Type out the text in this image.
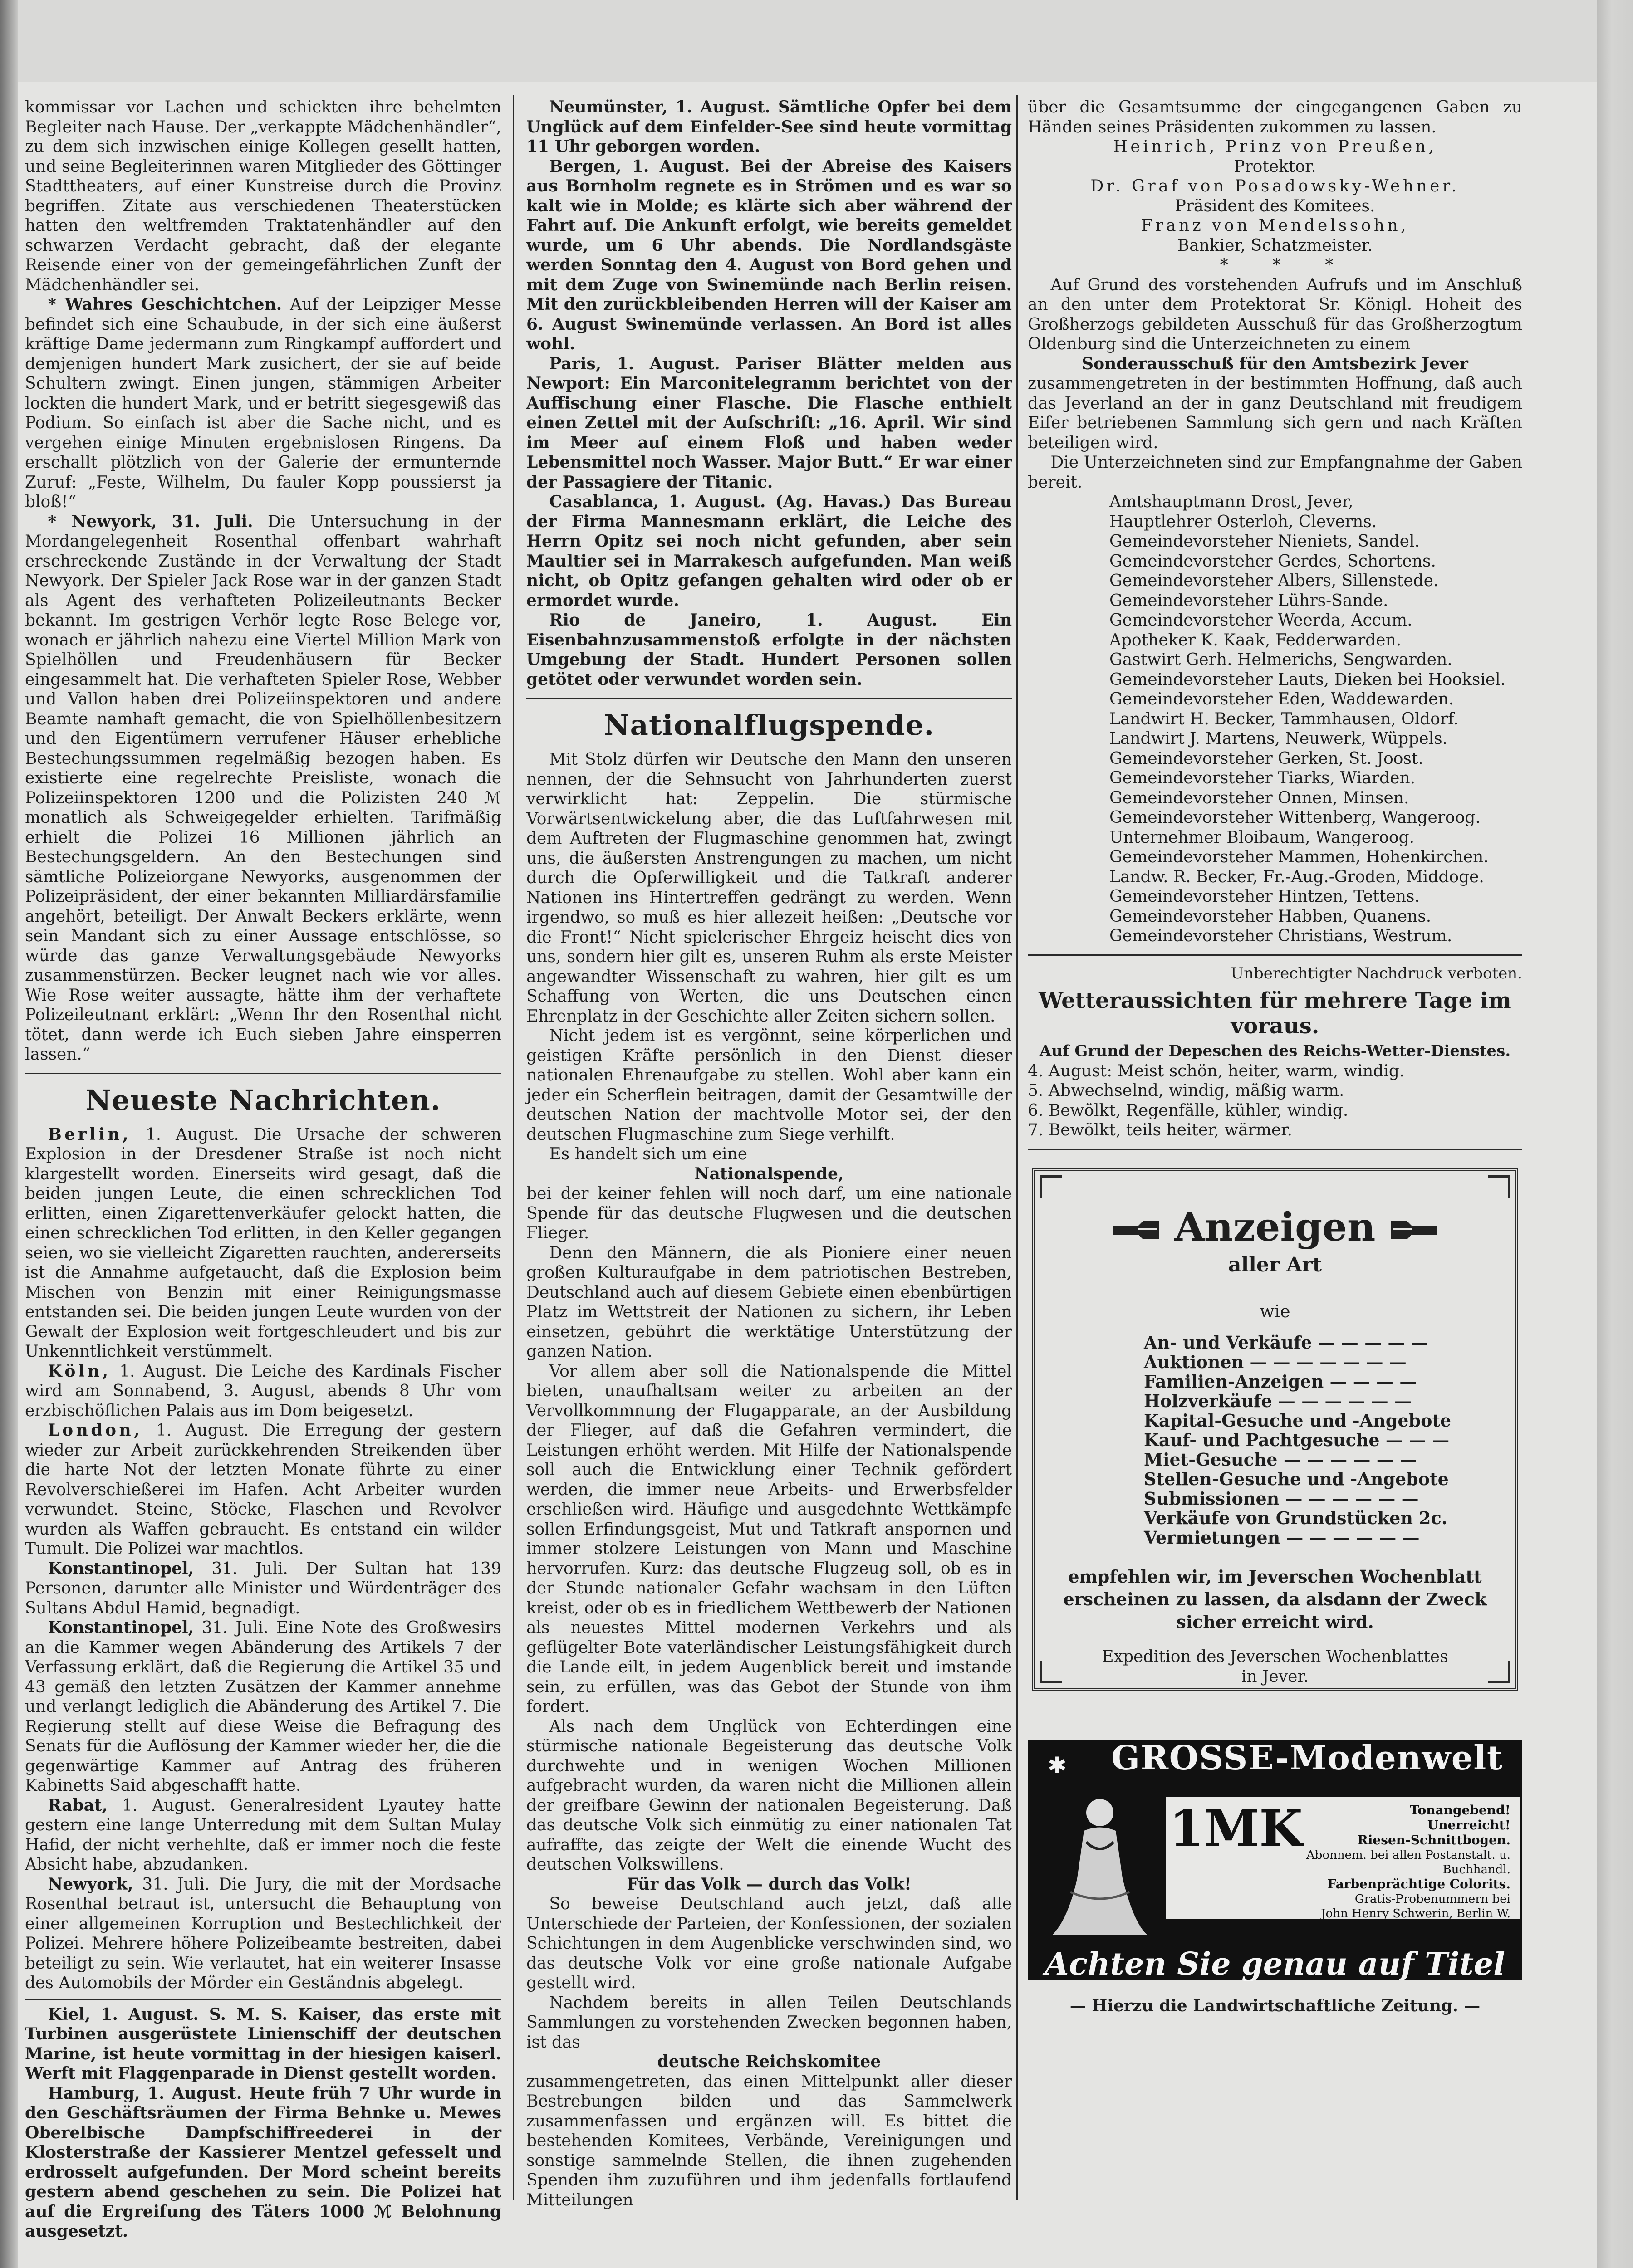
kommissar vor Lachen und schickten ihre behelmten Begleiter nach Hause. Der „verkappte Mädchenhändler“, zu dem sich inzwischen einige Kollegen gesellt hatten, und seine Begleiterinnen waren Mitglieder des Göttinger Stadttheaters, auf einer Kunstreise durch die Provinz begriffen. Zitate aus verschiedenen Theaterstücken hatten den weltfremden Traktatenhändler auf den schwarzen Verdacht gebracht, daß der elegante Reisende einer von der gemeingefährlichen Zunft der Mädchenhändler sei.

* Wahres Geschichtchen. Auf der Leipziger Messe befindet sich eine Schaubude, in der sich eine äußerst kräftige Dame jedermann zum Ringkampf auffordert und demjenigen hundert Mark zusichert, der sie auf beide Schultern zwingt. Einen jungen, stämmigen Arbeiter lockten die hundert Mark, und er betritt siegesgewiß das Podium. So einfach ist aber die Sache nicht, und es vergehen einige Minuten ergebnislosen Ringens. Da erschallt plötzlich von der Galerie der ermunternde Zuruf: „Feste, Wilhelm, Du fauler Kopp poussierst ja bloß!“

* Newyork, 31. Juli. Die Untersuchung in der Mordangelegenheit Rosenthal offenbart wahrhaft erschreckende Zustände in der Verwaltung der Stadt Newyork. Der Spieler Jack Rose war in der ganzen Stadt als Agent des verhafteten Polizeileutnants Becker bekannt. Im gestrigen Verhör legte Rose Belege vor, wonach er jährlich nahezu eine Viertel Million Mark von Spielhöllen und Freudenhäusern für Becker eingesammelt hat. Die verhafteten Spieler Rose, Webber und Vallon haben drei Polizeiinspektoren und andere Beamte namhaft gemacht, die von Spielhöllenbesitzern und den Eigentümern verrufener Häuser erhebliche Bestechungssummen regelmäßig bezogen haben. Es existierte eine regelrechte Preisliste, wonach die Polizeiinspektoren 1200 und die Polizisten 240 ℳ monatlich als Schweigegelder erhielten. Tarifmäßig erhielt die Polizei 16 Millionen jährlich an Bestechungsgeldern. An den Bestechungen sind sämtliche Polizeiorgane Newyorks, ausgenommen der Polizeipräsident, der einer bekannten Milliardärsfamilie angehört, beteiligt. Der Anwalt Beckers erklärte, wenn sein Mandant sich zu einer Aussage entschlösse, so würde das ganze Verwaltungsgebäude Newyorks zusammenstürzen. Becker leugnet nach wie vor alles. Wie Rose weiter aussagte, hätte ihm der verhaftete Polizeileutnant erklärt: „Wenn Ihr den Rosenthal nicht tötet, dann werde ich Euch sieben Jahre einsperren lassen.“

Neueste Nachrichten.

Berlin, 1. August. Die Ursache der schweren Explosion in der Dresdener Straße ist noch nicht klargestellt worden. Einerseits wird gesagt, daß die beiden jungen Leute, die einen schrecklichen Tod erlitten, einen Zigarettenverkäufer gelockt hatten, die einen schrecklichen Tod erlitten, in den Keller gegangen seien, wo sie vielleicht Zigaretten rauchten, andererseits ist die Annahme aufgetaucht, daß die Explosion beim Mischen von Benzin mit einer Reinigungsmasse entstanden sei. Die beiden jungen Leute wurden von der Gewalt der Explosion weit fortgeschleudert und bis zur Unkenntlichkeit verstümmelt.

Köln, 1. August. Die Leiche des Kardinals Fischer wird am Sonnabend, 3. August, abends 8 Uhr vom erzbischöflichen Palais aus im Dom beigesetzt.

London, 1. August. Die Erregung der gestern wieder zur Arbeit zurückkehrenden Streikenden über die harte Not der letzten Monate führte zu einer Revolverschießerei im Hafen. Acht Arbeiter wurden verwundet. Steine, Stöcke, Flaschen und Revolver wurden als Waffen gebraucht. Es entstand ein wilder Tumult. Die Polizei war machtlos.

Konstantinopel, 31. Juli. Der Sultan hat 139 Personen, darunter alle Minister und Würdenträger des Sultans Abdul Hamid, begnadigt.

Konstantinopel, 31. Juli. Eine Note des Großwesirs an die Kammer wegen Abänderung des Artikels 7 der Verfassung erklärt, daß die Regierung die Artikel 35 und 43 gemäß den letzten Zusätzen der Kammer annehme und verlangt lediglich die Abänderung des Artikel 7. Die Regierung stellt auf diese Weise die Befragung des Senats für die Auflösung der Kammer wieder her, die die gegenwärtige Kammer auf Antrag des früheren Kabinetts Said abgeschafft hatte.

Rabat, 1. August. Generalresident Lyautey hatte gestern eine lange Unterredung mit dem Sultan Mulay Hafid, der nicht verhehlte, daß er immer noch die feste Absicht habe, abzudanken.

Newyork, 31. Juli. Die Jury, die mit der Mordsache Rosenthal betraut ist, untersucht die Behauptung von einer allgemeinen Korruption und Bestechlichkeit der Polizei. Mehrere höhere Polizeibeamte bestreiten, dabei beteiligt zu sein. Wie verlautet, hat ein weiterer Insasse des Automobils der Mörder ein Geständnis abgelegt.

Kiel, 1. August. S. M. S. Kaiser, das erste mit Turbinen ausgerüstete Linienschiff der deutschen Marine, ist heute vormittag in der hiesigen kaiserl. Werft mit Flaggenparade in Dienst gestellt worden.

Hamburg, 1. August. Heute früh 7 Uhr wurde in den Geschäftsräumen der Firma Behnke u. Mewes Oberelbische Dampfschiffreederei in der Klosterstraße der Kassierer Mentzel gefesselt und erdrosselt aufgefunden. Der Mord scheint bereits gestern abend geschehen zu sein. Die Polizei hat auf die Ergreifung des Täters 1000 ℳ Belohnung ausgesetzt.

Neumünster, 1. August. Sämtliche Opfer bei dem Unglück auf dem Einfelder-See sind heute vormittag 11 Uhr geborgen worden.

Bergen, 1. August. Bei der Abreise des Kaisers aus Bornholm regnete es in Strömen und es war so kalt wie in Molde; es klärte sich aber während der Fahrt auf. Die Ankunft erfolgt, wie bereits gemeldet wurde, um 6 Uhr abends. Die Nordlandsgäste werden Sonntag den 4. August von Bord gehen und mit dem Zuge von Swinemünde nach Berlin reisen. Mit den zurückbleibenden Herren will der Kaiser am 6. August Swinemünde verlassen. An Bord ist alles wohl.

Paris, 1. August. Pariser Blätter melden aus Newport: Ein Marconitelegramm berichtet von der Auffischung einer Flasche. Die Flasche enthielt einen Zettel mit der Aufschrift: „16. April. Wir sind im Meer auf einem Floß und haben weder Lebensmittel noch Wasser. Major Butt.“ Er war einer der Passagiere der Titanic.

Casablanca, 1. August. (Ag. Havas.) Das Bureau der Firma Mannesmann erklärt, die Leiche des Herrn Opitz sei noch nicht gefunden, aber sein Maultier sei in Marrakesch aufgefunden. Man weiß nicht, ob Opitz gefangen gehalten wird oder ob er ermordet wurde.

Rio de Janeiro, 1. August. Ein Eisenbahnzusammenstoß erfolgte in der nächsten Umgebung der Stadt. Hundert Personen sollen getötet oder verwundet worden sein.

Nationalflugspende.

Mit Stolz dürfen wir Deutsche den Mann den unseren nennen, der die Sehnsucht von Jahrhunderten zuerst verwirklicht hat: Zeppelin. Die stürmische Vorwärtsentwickelung aber, die das Luftfahrwesen mit dem Auftreten der Flugmaschine genommen hat, zwingt uns, die äußersten Anstrengungen zu machen, um nicht durch die Opferwilligkeit und die Tatkraft anderer Nationen ins Hintertreffen gedrängt zu werden. Wenn irgendwo, so muß es hier allezeit heißen: „Deutsche vor die Front!“ Nicht spielerischer Ehrgeiz heischt dies von uns, sondern hier gilt es, unseren Ruhm als erste Meister angewandter Wissenschaft zu wahren, hier gilt es um Schaffung von Werten, die uns Deutschen einen Ehrenplatz in der Geschichte aller Zeiten sichern sollen.

Nicht jedem ist es vergönnt, seine körperlichen und geistigen Kräfte persönlich in den Dienst dieser nationalen Ehrenaufgabe zu stellen. Wohl aber kann ein jeder ein Scherflein beitragen, damit der Gesamtwille der deutschen Nation der machtvolle Motor sei, der den deutschen Flugmaschine zum Siege verhilft.

Es handelt sich um eine

Nationalspende,

bei der keiner fehlen will noch darf, um eine nationale Spende für das deutsche Flugwesen und die deutschen Flieger.

Denn den Männern, die als Pioniere einer neuen großen Kulturaufgabe in dem patriotischen Bestreben, Deutschland auch auf diesem Gebiete einen ebenbürtigen Platz im Wettstreit der Nationen zu sichern, ihr Leben einsetzen, gebührt die werktätige Unterstützung der ganzen Nation.

Vor allem aber soll die Nationalspende die Mittel bieten, unaufhaltsam weiter zu arbeiten an der Vervollkommnung der Flugapparate, an der Ausbildung der Flieger, auf daß die Gefahren vermindert, die Leistungen erhöht werden. Mit Hilfe der Nationalspende soll auch die Entwicklung einer Technik gefördert werden, die immer neue Arbeits- und Erwerbsfelder erschließen wird. Häufige und ausgedehnte Wettkämpfe sollen Erfindungsgeist, Mut und Tatkraft anspornen und immer stolzere Leistungen von Mann und Maschine hervorrufen. Kurz: das deutsche Flugzeug soll, ob es in der Stunde nationaler Gefahr wachsam in den Lüften kreist, oder ob es in friedlichem Wettbewerb der Nationen als neuestes Mittel modernen Verkehrs und als geflügelter Bote vaterländischer Leistungsfähigkeit durch die Lande eilt, in jedem Augenblick bereit und imstande sein, zu erfüllen, was das Gebot der Stunde von ihm fordert.

Als nach dem Unglück von Echterdingen eine stürmische nationale Begeisterung das deutsche Volk durchwehte und in wenigen Wochen Millionen aufgebracht wurden, da waren nicht die Millionen allein der greifbare Gewinn der nationalen Begeisterung. Daß das deutsche Volk sich einmütig zu einer nationalen Tat aufraffte, das zeigte der Welt die einende Wucht des deutschen Volkswillens.

Für das Volk — durch das Volk!

So beweise Deutschland auch jetzt, daß alle Unterschiede der Parteien, der Konfessionen, der sozialen Schichtungen in dem Augenblicke verschwinden sind, wo das deutsche Volk vor eine große nationale Aufgabe gestellt wird.

Nachdem bereits in allen Teilen Deutschlands Sammlungen zu vorstehenden Zwecken begonnen haben, ist das

deutsche Reichskomitee

zusammengetreten, das einen Mittelpunkt aller dieser Bestrebungen bilden und das Sammelwerk zusammenfassen und ergänzen will. Es bittet die bestehenden Komitees, Verbände, Vereinigungen und sonstige sammelnde Stellen, die ihnen zugehenden Spenden ihm zuzuführen und ihm jedenfalls fortlaufend Mitteilungen

über die Gesamtsumme der eingegangenen Gaben zu Händen seines Präsidenten zukommen zu lassen.

Heinrich, Prinz von Preußen,

Protektor.

Dr. Graf von Posadowsky-Wehner.

Präsident des Komitees.

Franz von Mendelssohn,

Bankier, Schatzmeister.

* * *

Auf Grund des vorstehenden Aufrufs und im Anschluß an den unter dem Protektorat Sr. Königl. Hoheit des Großherzogs gebildeten Ausschuß für das Großherzogtum Oldenburg sind die Unterzeichneten zu einem

Sonderausschuß für den Amtsbezirk Jever

zusammengetreten in der bestimmten Hoffnung, daß auch das Jeverland an der in ganz Deutschland mit freudigem Eifer betriebenen Sammlung sich gern und nach Kräften beteiligen wird.

Die Unterzeichneten sind zur Empfangnahme der Gaben bereit.

Amtshauptmann Drost, Jever,
Hauptlehrer Osterloh, Cleverns.
Gemeindevorsteher Nieniets, Sandel.
Gemeindevorsteher Gerdes, Schortens.
Gemeindevorsteher Albers, Sillenstede.
Gemeindevorsteher Lührs-Sande.
Gemeindevorsteher Weerda, Accum.
Apotheker K. Kaak, Fedderwarden.
Gastwirt Gerh. Helmerichs, Sengwarden.
Gemeindevorsteher Lauts, Dieken bei Hooksiel.
Gemeindevorsteher Eden, Waddewarden.
Landwirt H. Becker, Tammhausen, Oldorf.
Landwirt J. Martens, Neuwerk, Wüppels.
Gemeindevorsteher Gerken, St. Joost.
Gemeindevorsteher Tiarks, Wiarden.
Gemeindevorsteher Onnen, Minsen.
Gemeindevorsteher Wittenberg, Wangeroog.
Unternehmer Bloibaum, Wangeroog.
Gemeindevorsteher Mammen, Hohenkirchen.
Landw. R. Becker, Fr.-Aug.-Groden, Middoge.
Gemeindevorsteher Hintzen, Tettens.
Gemeindevorsteher Habben, Quanens.
Gemeindevorsteher Christians, Westrum.

Unberechtigter Nachdruck verboten.

Wetteraussichten für mehrere Tage im voraus.

Auf Grund der Depeschen des Reichs-Wetter-Dienstes.

4. August: Meist schön, heiter, warm, windig.
5. Abwechselnd, windig, mäßig warm.
6. Bewölkt, Regenfälle, kühler, windig.
7. Bewölkt, teils heiter, wärmer.
Anzeigen
aller Art
wie
An- und Verkäufe — — — — —
Auktionen — — — — — — —
Familien-Anzeigen — — — —
Holzverkäufe — — — — — —
Kapital-Gesuche und -Angebote
Kauf- und Pachtgesuche — — —
Miet-Gesuche — — — — — —
Stellen-Gesuche und -Angebote
Submissionen — — — — — —
Verkäufe von Grundstücken 2c.
Vermietungen — — — — — —
empfehlen wir, im Jeverschen Wochenblatt
erscheinen zu lassen, da alsdann der Zweck
sicher erreicht wird.
Expedition des Jeverschen Wochenblattes
in Jever.
✱ GROSSE-Modenwelt
1MK	Tonangebend!
Unerreicht!
Riesen-Schnittbogen.
Abonnem. bei allen Postanstalt. u. Buchhandl.
Farbenprächtige Colorits.
Gratis-Probenummern bei
John Henry Schwerin, Berlin W.
Achten Sie genau auf Titel
— Hierzu die Landwirtschaftliche Zeitung. —
